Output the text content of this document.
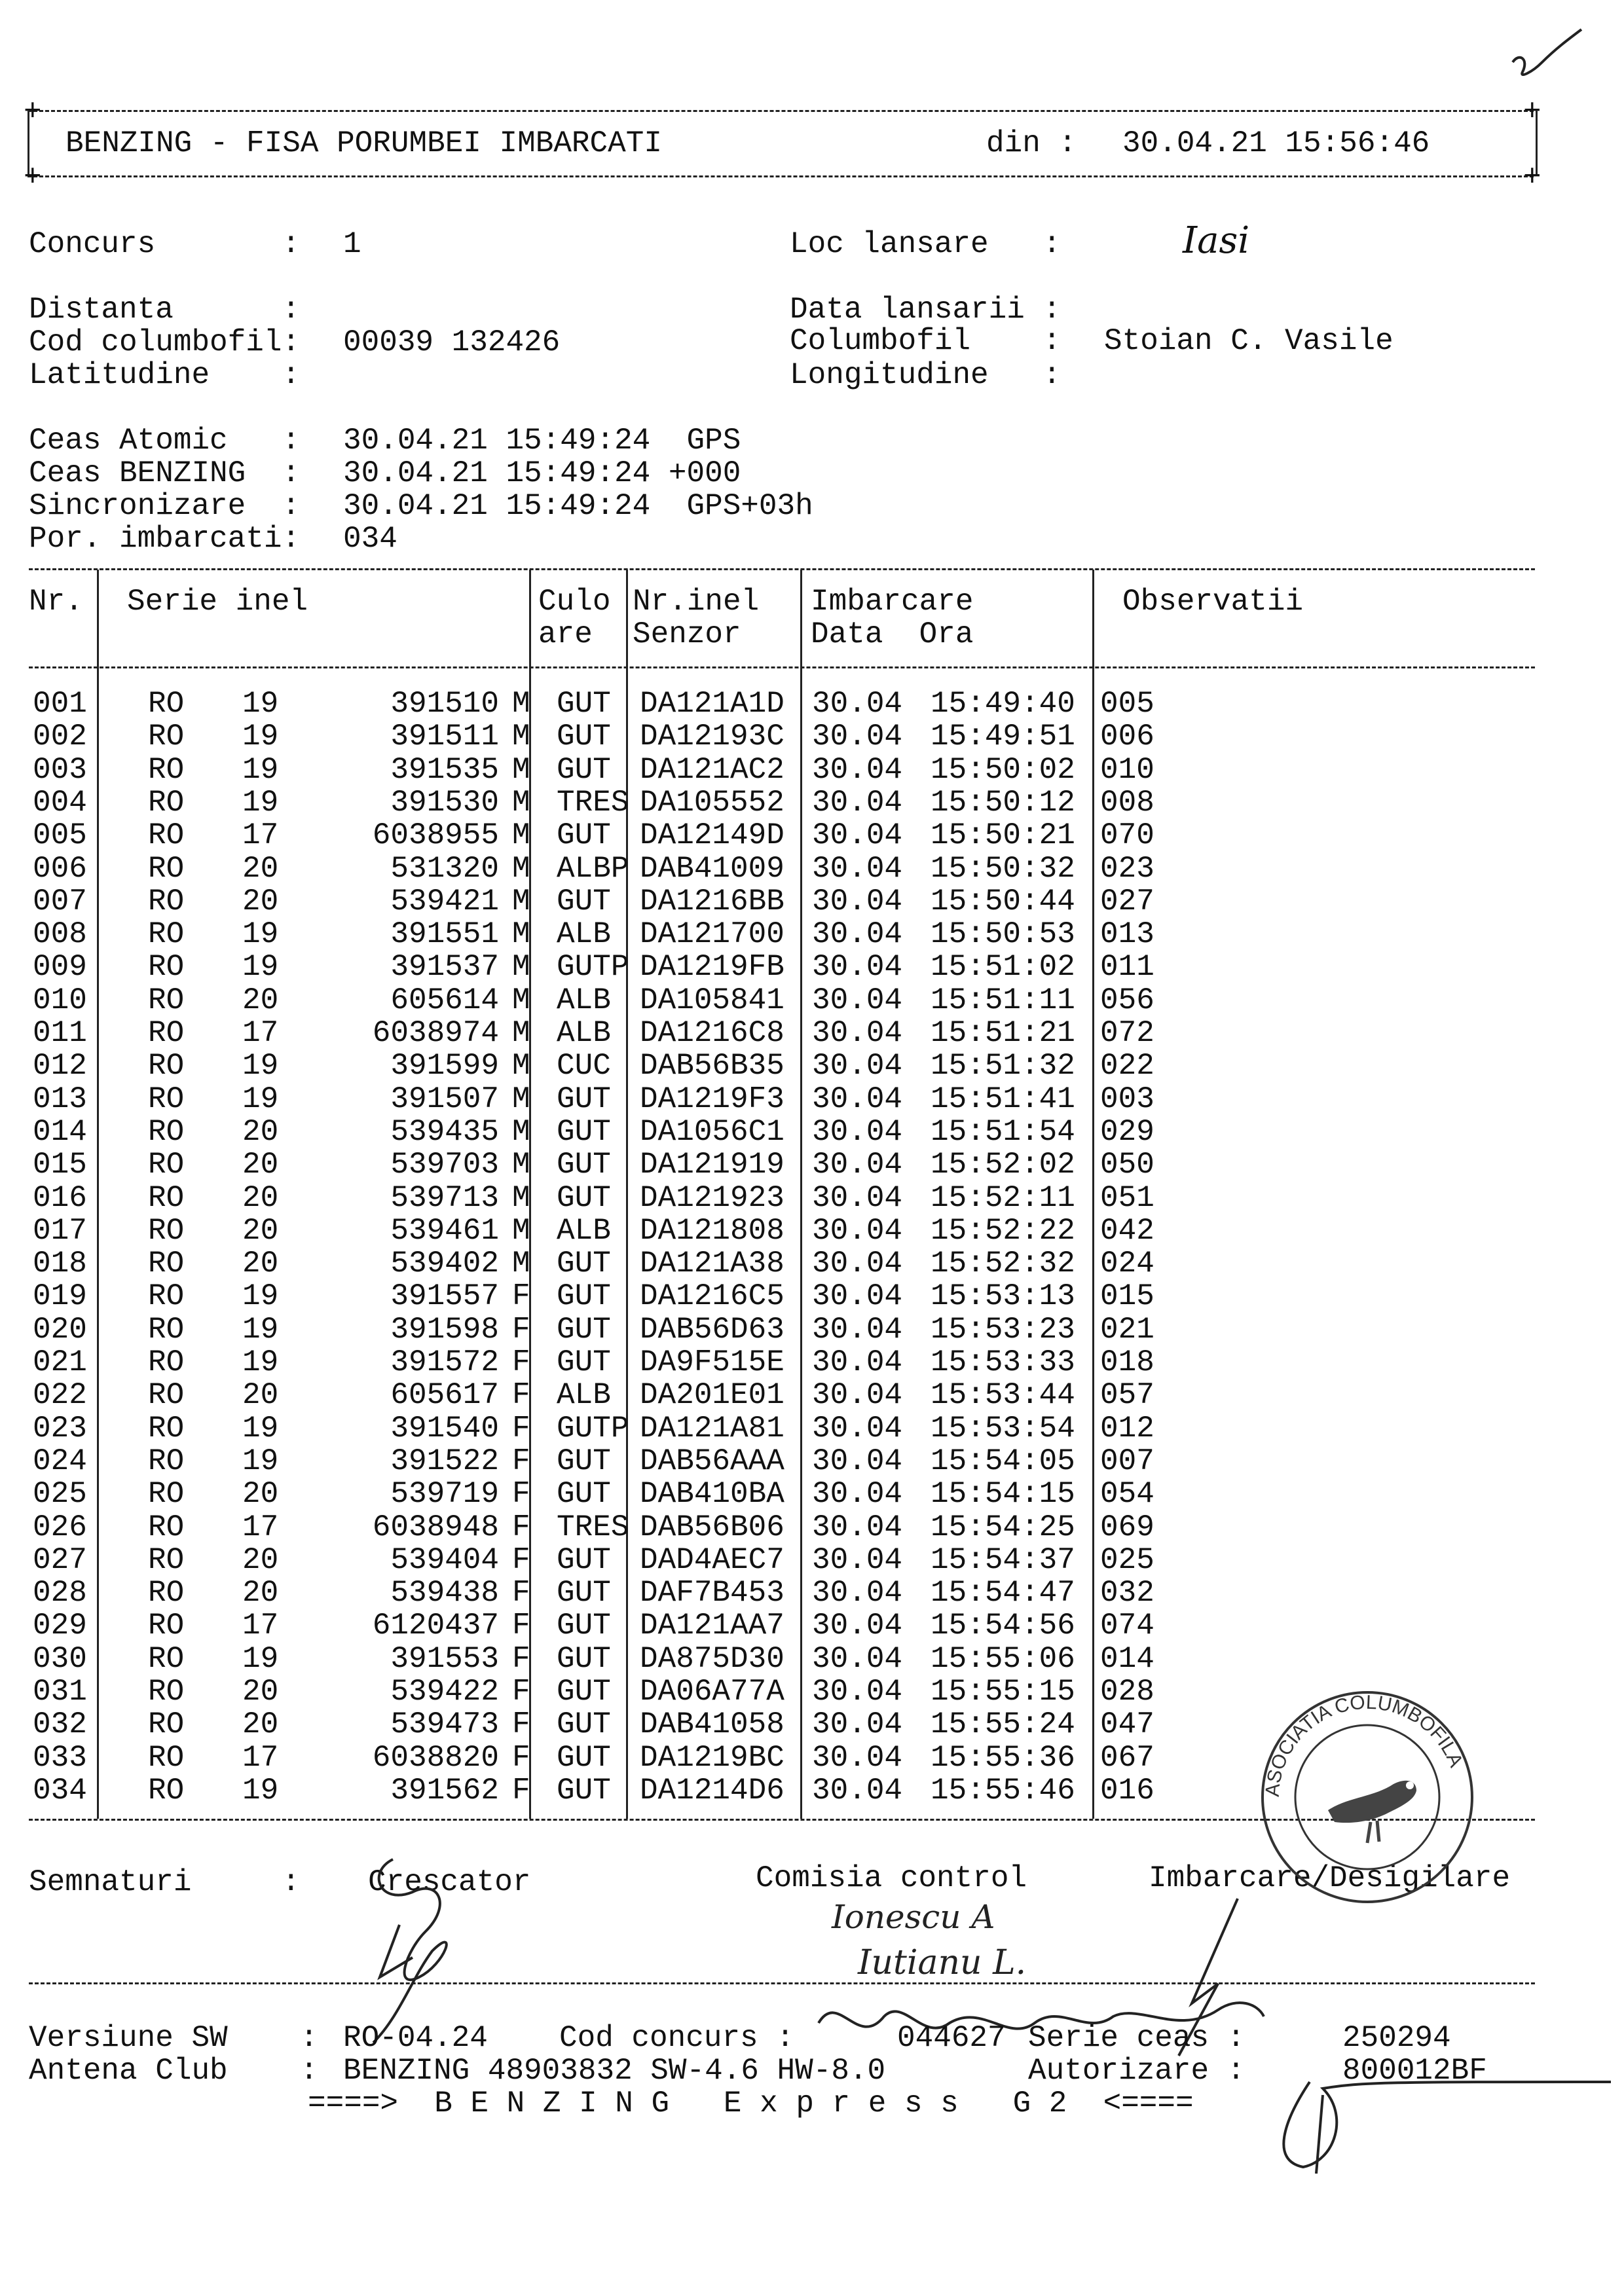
+	+
BENZING - FISA PORUMBEI IMBARCATI	din : 30.04.21 15:56:46
+	+
Concurs       : 1	Loc lansare   :	Iasi
Distanta      :	Data lansarii :
Cod columbofil: 00039 132426	Columbofil    : Stoian C. Vasile
Latitudine    :	Longitudine   :
Ceas Atomic   : 30.04.21 15:49:24  GPS
Ceas BENZING  : 30.04.21 15:49:24 +000
Sincronizare  : 30.04.21 15:49:24  GPS+03h
Por. imbarcati: 034
Nr. Serie inel	Culo
are
Nr.inel
Senzor
Imbarcare
Data  Ora
Observatii
001 RO 19	391510 M GUT DA121A1D 30.04 15:49:40 005
002 RO 19	391511 M GUT DA12193C 30.04 15:49:51 006
003 RO 19	391535 M GUT DA121AC2 30.04 15:50:02 010
004 RO 19	391530 M TRES DA105552 30.04 15:50:12 008
005 RO 17	6038955 M GUT DA12149D 30.04 15:50:21 070
006 RO 20	531320 M ALBP DAB41009 30.04 15:50:32 023
007 RO 20	539421 M GUT DA1216BB 30.04 15:50:44 027
008 RO 19	391551 M ALB DA121700 30.04 15:50:53 013
009 RO 19	391537 M GUTP DA1219FB 30.04 15:51:02 011
010 RO 20	605614 M ALB DA105841 30.04 15:51:11 056
011 RO 17	6038974 M ALB DA1216C8 30.04 15:51:21 072
012 RO 19	391599 M CUC DAB56B35 30.04 15:51:32 022
013 RO 19	391507 M GUT DA1219F3 30.04 15:51:41 003
014 RO 20	539435 M GUT DA1056C1 30.04 15:51:54 029
015 RO 20	539703 M GUT DA121919 30.04 15:52:02 050
016 RO 20	539713 M GUT DA121923 30.04 15:52:11 051
017 RO 20	539461 M ALB DA121808 30.04 15:52:22 042
018 RO 20	539402 M GUT DA121A38 30.04 15:52:32 024
019 RO 19	391557 F GUT DA1216C5 30.04 15:53:13 015
020 RO 19	391598 F GUT DAB56D63 30.04 15:53:23 021
021 RO 19	391572 F GUT DA9F515E 30.04 15:53:33 018
022 RO 20	605617 F ALB DA201E01 30.04 15:53:44 057
023 RO 19	391540 F GUTP DA121A81 30.04 15:53:54 012
024 RO 19	391522 F GUT DAB56AAA 30.04 15:54:05 007
025 RO 20	539719 F GUT DAB410BA 30.04 15:54:15 054
026 RO 17	6038948 F TRES DAB56B06 30.04 15:54:25 069
027 RO 20	539404 F GUT DAD4AEC7 30.04 15:54:37 025
028 RO 20	539438 F GUT DAF7B453 30.04 15:54:47 032
029 RO 17	6120437 F GUT DA121AA7 30.04 15:54:56 074
030 RO 19	391553 F GUT DA875D30 30.04 15:55:06 014
031 RO 20	539422 F GUT DA06A77A 30.04 15:55:15 028
032 RO 20	539473 F GUT DAB41058 30.04 15:55:24 047
033 RO 17	6038820 F GUT DA1219BC 30.04 15:55:36 067
034 RO 19	391562 F GUT DA1214D6 30.04 15:55:46 016
Semnaturi     : Crescator	Comisia control	Imbarcare/Desigilare
Ionescu A
Iutianu L.
ASOCIATIA COLUMBOFILA
Versiune SW    : RO-04.24 Cod concurs :	044627 Serie ceas :	250294
Antena Club    : BENZING 48903832 SW-4.6 HW-8.0	Autorizare :	800012BF
====>  B E N Z I N G   E x p r e s s   G 2  <====
